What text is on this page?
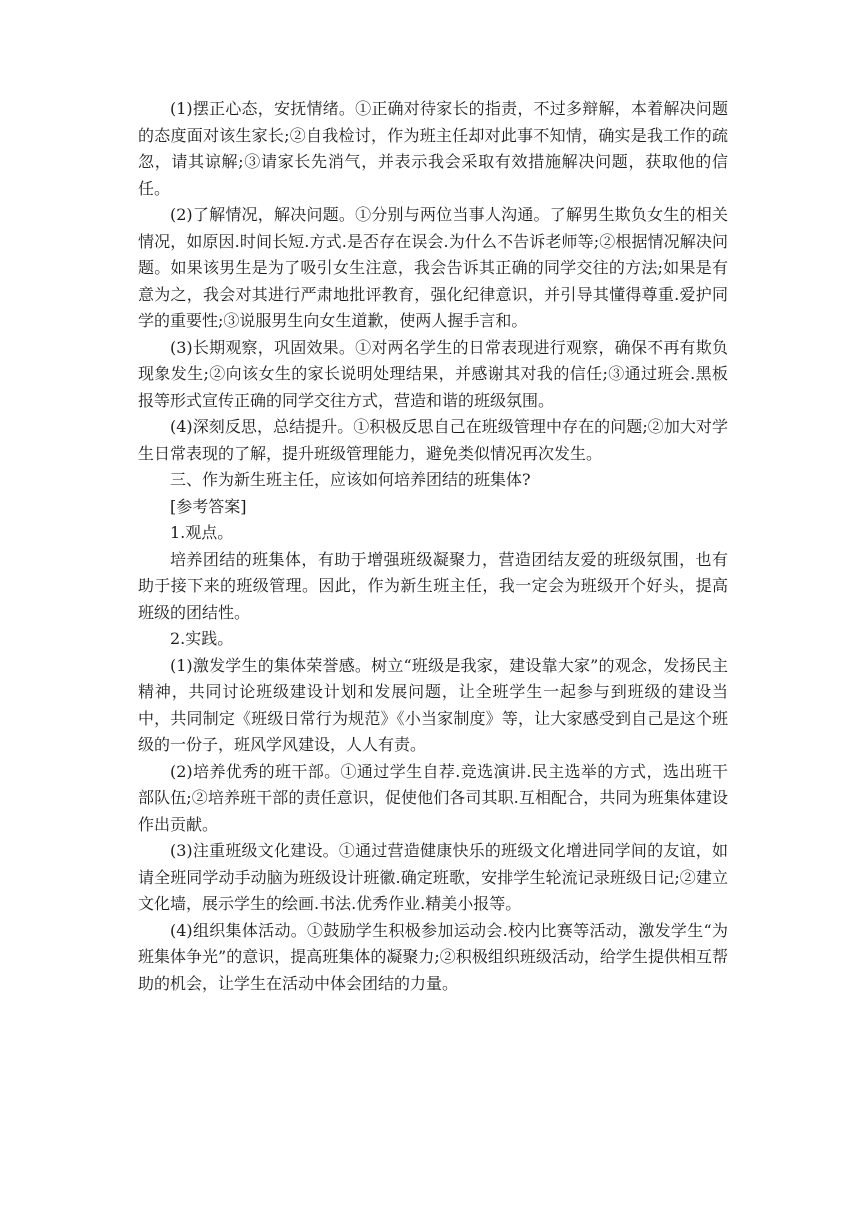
(1)摆正心态，安抚情绪。①正确对待家长的指责，不过多辩解，本着解决问题的态度面对该生家长;②自我检讨，作为班主任却对此事不知情，确实是我工作的疏忽，请其谅解;③请家长先消气，并表示我会采取有效措施解决问题，获取他的信任。

(2)了解情况，解决问题。①分别与两位当事人沟通。了解男生欺负女生的相关情况，如原因.时间长短.方式.是否存在误会.为什么不告诉老师等;②根据情况解决问题。如果该男生是为了吸引女生注意，我会告诉其正确的同学交往的方法;如果是有意为之，我会对其进行严肃地批评教育，强化纪律意识，并引导其懂得尊重.爱护同学的重要性;③说服男生向女生道歉，使两人握手言和。

(3)长期观察，巩固效果。①对两名学生的日常表现进行观察，确保不再有欺负现象发生;②向该女生的家长说明处理结果，并感谢其对我的信任;③通过班会.黑板报等形式宣传正确的同学交往方式，营造和谐的班级氛围。

(4)深刻反思，总结提升。①积极反思自己在班级管理中存在的问题;②加大对学生日常表现的了解，提升班级管理能力，避免类似情况再次发生。

三、作为新生班主任，应该如何培养团结的班集体?

[参考答案]

1.观点。

培养团结的班集体，有助于增强班级凝聚力，营造团结友爱的班级氛围，也有助于接下来的班级管理。因此，作为新生班主任，我一定会为班级开个好头，提高班级的团结性。

2.实践。

(1)激发学生的集体荣誉感。树立“班级是我家，建设靠大家”的观念，发扬民主精神，共同讨论班级建设计划和发展问题，让全班学生一起参与到班级的建设当中，共同制定《班级日常行为规范》《小当家制度》等，让大家感受到自己是这个班级的一份子，班风学风建设，人人有责。

(2)培养优秀的班干部。①通过学生自荐.竞选演讲.民主选举的方式，选出班干部队伍;②培养班干部的责任意识，促使他们各司其职.互相配合，共同为班集体建设作出贡献。

(3)注重班级文化建设。①通过营造健康快乐的班级文化增进同学间的友谊，如请全班同学动手动脑为班级设计班徽.确定班歌，安排学生轮流记录班级日记;②建立文化墙，展示学生的绘画.书法.优秀作业.精美小报等。

(4)组织集体活动。①鼓励学生积极参加运动会.校内比赛等活动，激发学生“为班集体争光”的意识，提高班集体的凝聚力;②积极组织班级活动，给学生提供相互帮助的机会，让学生在活动中体会团结的力量。
